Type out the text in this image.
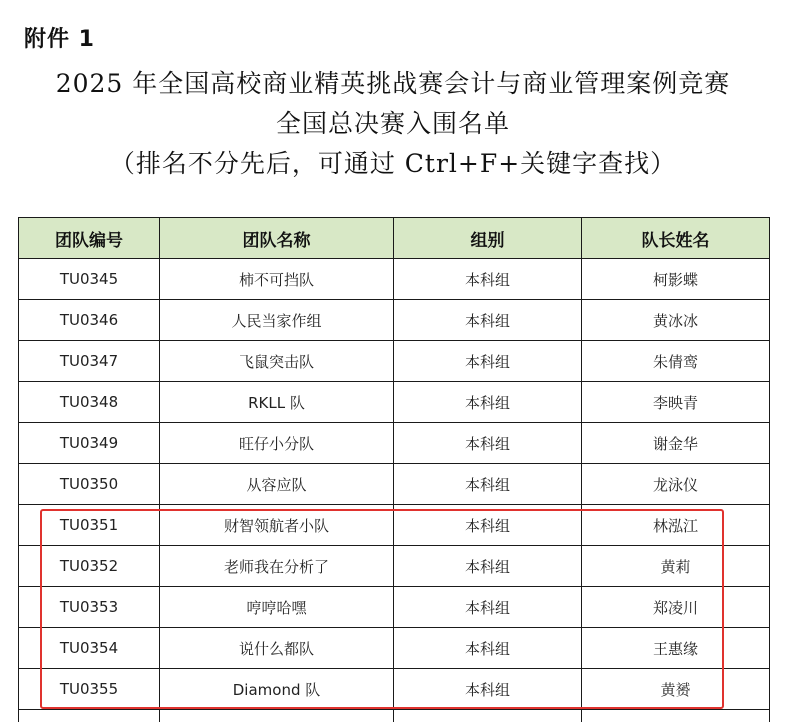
附件 1
2025 年全国高校商业精英挑战赛会计与商业管理案例竞赛
全国总决赛入围名单
（排名不分先后，可通过 Ctrl+F+关键字查找）
团队编号	团队名称	组别	队长姓名
TU0345	柿不可挡队	本科组	柯影蝶
TU0346	人民当家作组	本科组	黄冰冰
TU0347	飞鼠突击队	本科组	朱倩鸾
TU0348	RKLL 队	本科组	李映青
TU0349	旺仔小分队	本科组	谢金华
TU0350	从容应队	本科组	龙泳仪
TU0351	财智领航者小队	本科组	林泓江
TU0352	老师我在分析了	本科组	黄莉
TU0353	哼哼哈嘿	本科组	郑凌川
TU0354	说什么都队	本科组	王惠缘
TU0355	Diamond 队	本科组	黄赟
